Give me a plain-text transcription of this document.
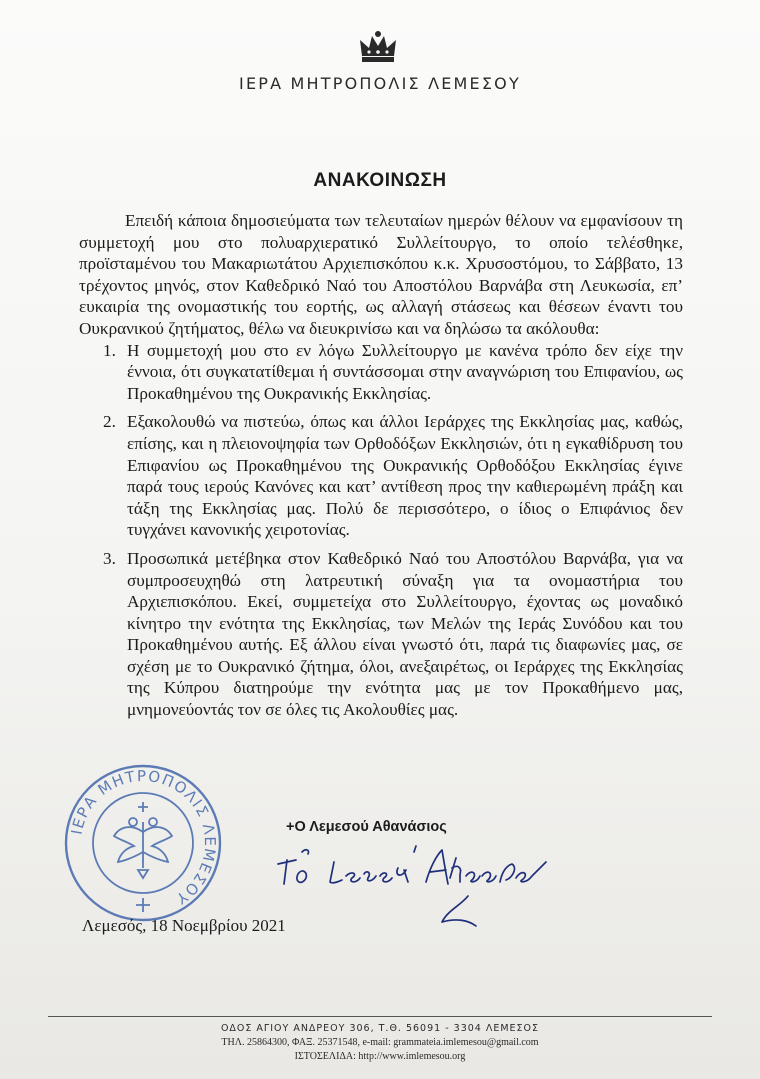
ΙΕΡΑ ΜΗΤΡΟΠΟΛΙΣ ΛΕΜΕΣΟΥ
ΑΝΑΚΟΙΝΩΣΗ

Επειδή κάποια δημοσιεύματα των τελευταίων ημερών θέλουν να εμφανίσουν τη συμμετοχή μου στο πολυαρχιερατικό Συλλείτουργο, το οποίο τελέσθηκε, προϊσταμένου του Μακαριωτάτου Αρχιεπισκόπου κ.κ. Χρυσοστόμου, το Σάββατο, 13 τρέχοντος μηνός, στον Καθεδρικό Ναό του Αποστόλου Βαρνάβα στη Λευκωσία, επ’ ευκαιρία της ονομαστικής του εορτής, ως αλλαγή στάσεως και θέσεων έναντι του Ουκρανικού ζητήματος, θέλω να διευκρινίσω και να δηλώσω τα ακόλουθα:

1. Η συμμετοχή μου στο εν λόγω Συλλείτουργο με κανένα τρόπο δεν είχε την έννοια, ότι συγκατατίθεμαι ή συντάσσομαι στην αναγνώριση του Επιφανίου, ως Προκαθημένου της Ουκρανικής Εκκλησίας.
2. Εξακολουθώ να πιστεύω, όπως και άλλοι Ιεράρχες της Εκκλησίας μας, καθώς, επίσης, και η πλειονοψηφία των Ορθοδόξων Εκκλησιών, ότι η εγκαθίδρυση του Επιφανίου ως Προκαθημένου της Ουκρανικής Ορθοδόξου Εκκλησίας έγινε παρά τους ιερούς Κανόνες και κατ’ αντίθεση προς την καθιερωμένη πράξη και τάξη της Εκκλησίας μας. Πολύ δε περισσότερο, ο ίδιος ο Επιφάνιος δεν τυγχάνει κανονικής χειροτονίας.
3. Προσωπικά μετέβηκα στον Καθεδρικό Ναό του Αποστόλου Βαρνάβα, για να συμπροσευχηθώ στη λατρευτική σύναξη για τα ονομαστήρια του Αρχιεπισκόπου. Εκεί, συμμετείχα στο Συλλείτουργο, έχοντας ως μοναδικό κίνητρο την ενότητα της Εκκλησίας, των Μελών της Ιεράς Συνόδου και του Προκαθημένου αυτής. Εξ άλλου είναι γνωστό ότι, παρά τις διαφωνίες μας, σε σχέση με το Ουκρανικό ζήτημα, όλοι, ανεξαιρέτως, οι Ιεράρχες της Εκκλησίας της Κύπρου διατηρούμε την ενότητα μας με τον Προκαθήμενο μας, μνημονεύοντάς τον σε όλες τις Ακολουθίες μας.
ΙΕΡΑ ΜΗΤΡΟΠΟΛΙΣ ΛΕΜΕΣΟΥ
+Ο Λεμεσού Αθανάσιος
Λεμεσός, 18 Νοεμβρίου 2021
ΟΔΟΣ ΑΓΙΟΥ ΑΝΔΡΕΟΥ 306, Τ.Θ. 56091 - 3304 ΛΕΜΕΣΟΣ
ΤΗΛ. 25864300, ΦΑΞ. 25371548, e-mail: grammateia.imlemesou@gmail.com
ΙΣΤΟΣΕΛΙΔΑ: http://www.imlemesou.org
